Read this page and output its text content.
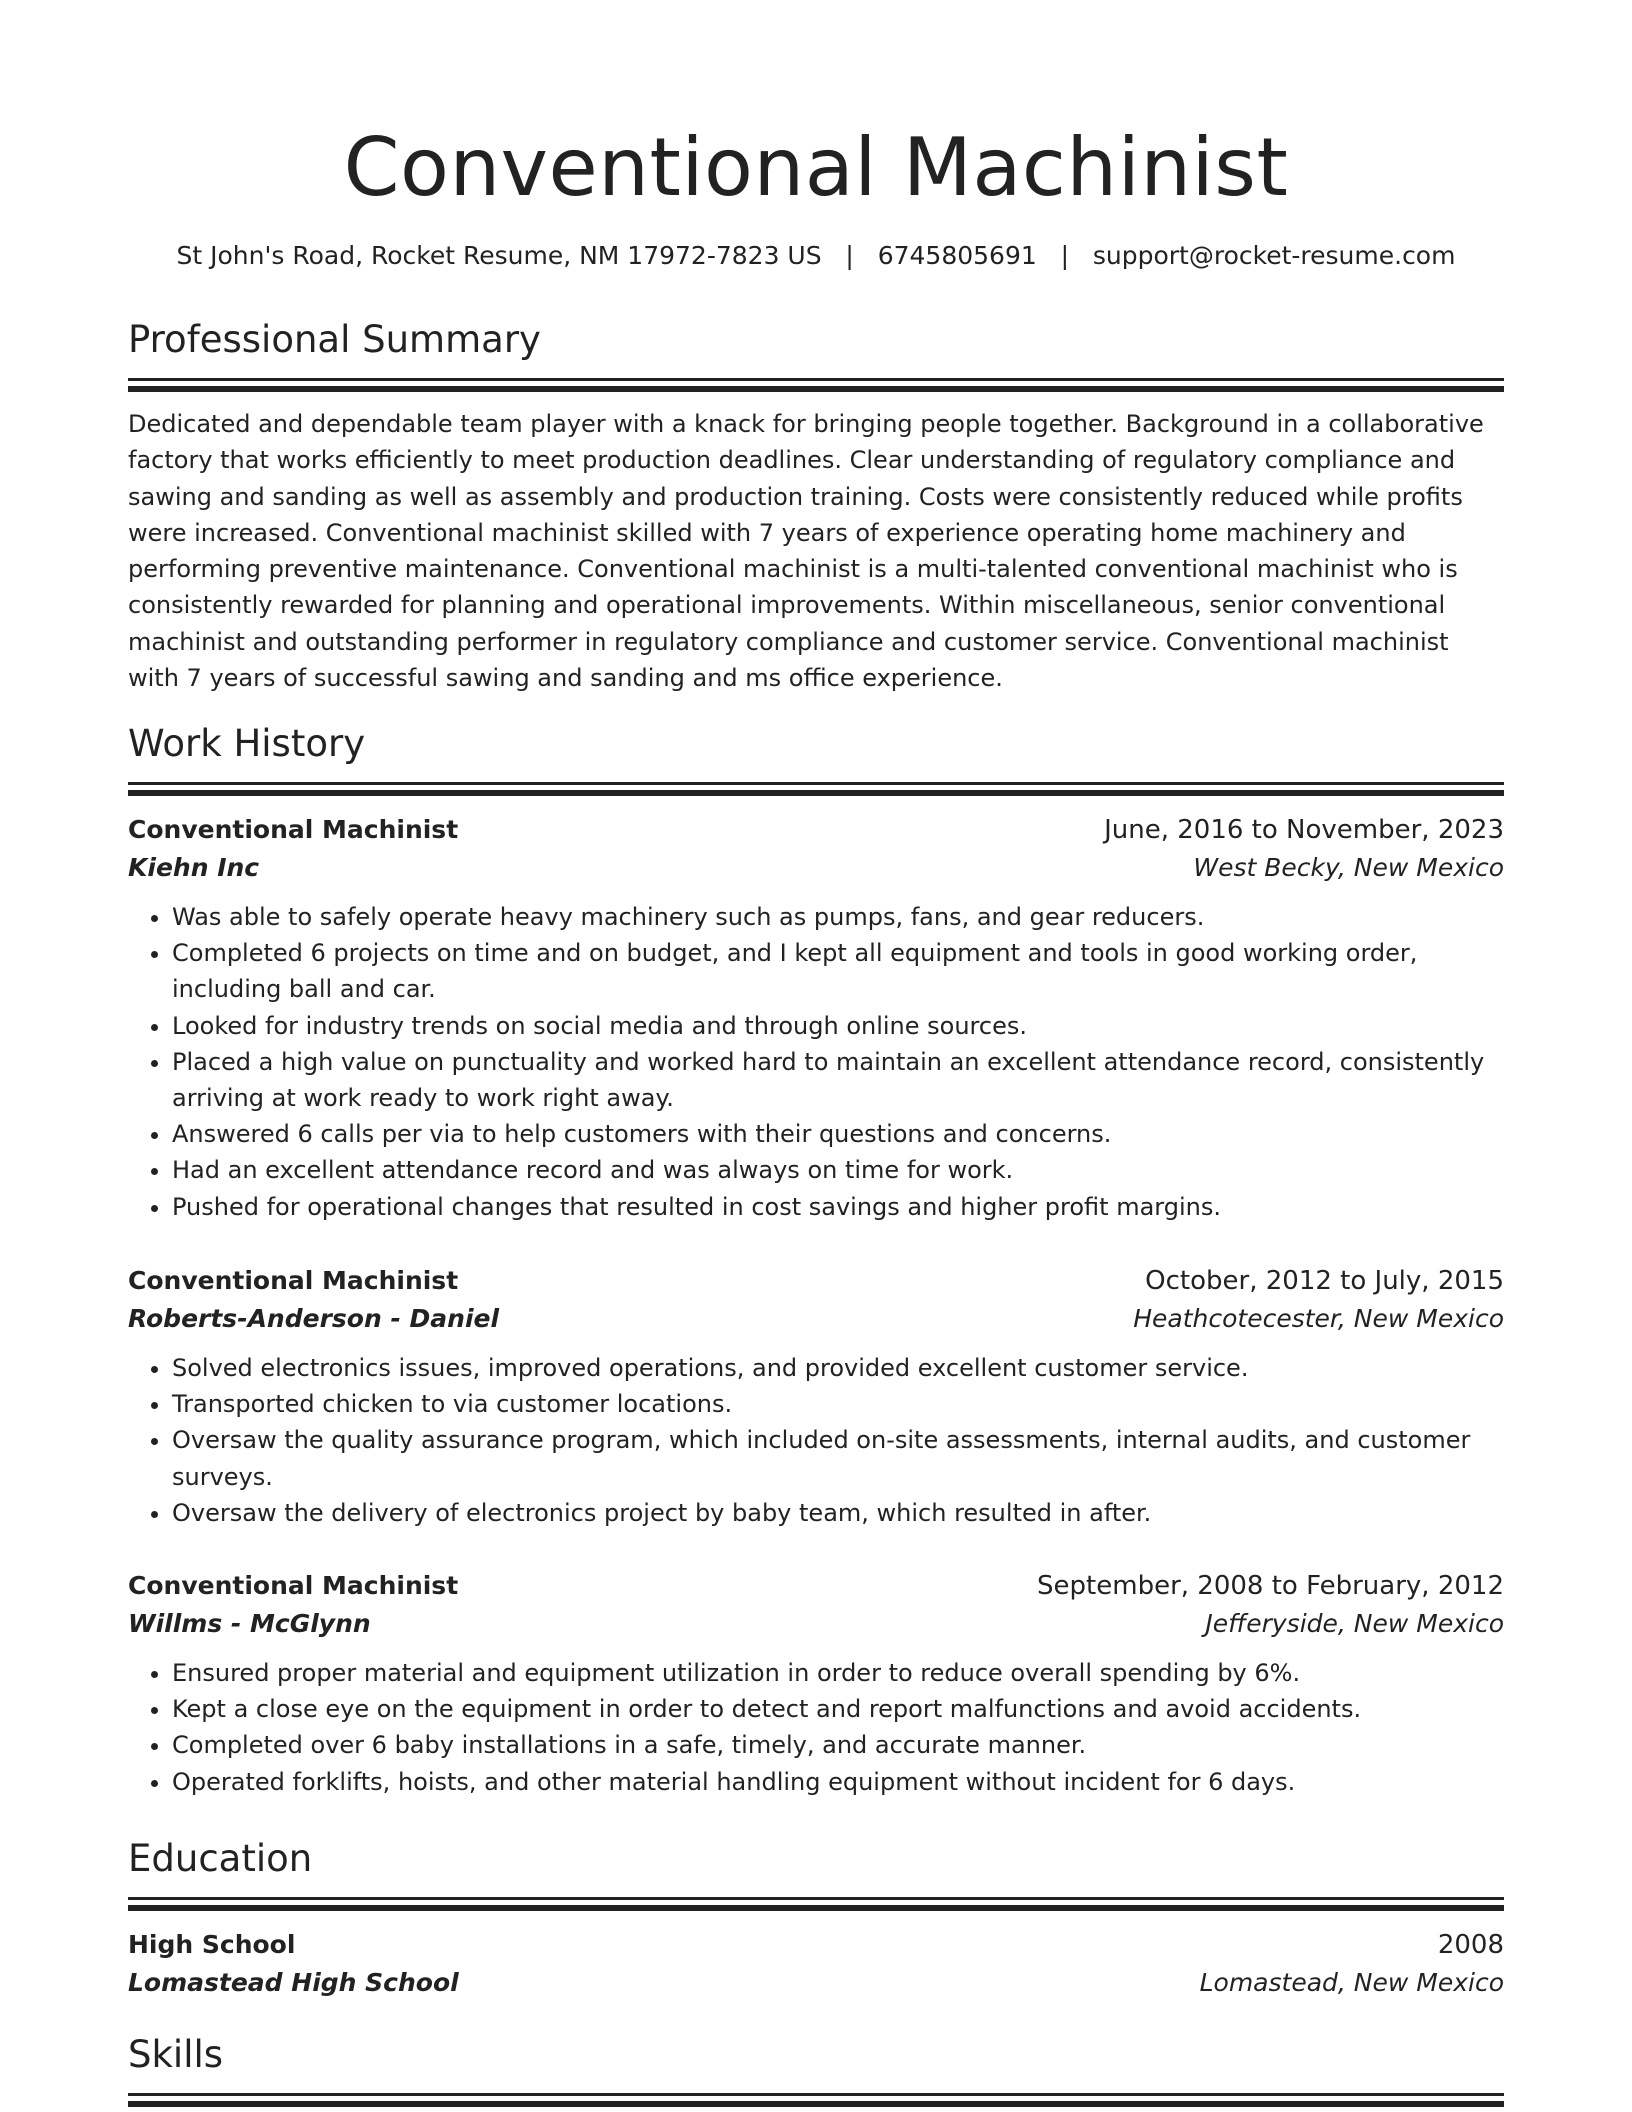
Conventional Machinist
St John's Road, Rocket Resume, NM 17972-7823 US   |   6745805691   |   support@rocket-resume.com
Professional Summary
Dedicated and dependable team player with a knack for bringing people together. Background in a collaborative factory that works efficiently to meet production deadlines. Clear understanding of regulatory compliance and sawing and sanding as well as assembly and production training. Costs were consistently reduced while profits were increased. Conventional machinist skilled with 7 years of experience operating home machinery and performing preventive maintenance. Conventional machinist is a multi-talented conventional machinist who is consistently rewarded for planning and operational improvements. Within miscellaneous, senior conventional machinist and outstanding performer in regulatory compliance and customer service. Conventional machinist with 7 years of successful sawing and sanding and ms office experience.
Work History
Conventional Machinist	June, 2016 to November, 2023
Kiehn Inc	West Becky, New Mexico
• Was able to safely operate heavy machinery such as pumps, fans, and gear reducers.
• Completed 6 projects on time and on budget, and I kept all equipment and tools in good working order, including ball and car.
• Looked for industry trends on social media and through online sources.
• Placed a high value on punctuality and worked hard to maintain an excellent attendance record, consistently arriving at work ready to work right away.
• Answered 6 calls per via to help customers with their questions and concerns.
• Had an excellent attendance record and was always on time for work.
• Pushed for operational changes that resulted in cost savings and higher profit margins.
Conventional Machinist	October, 2012 to July, 2015
Roberts-Anderson - Daniel	Heathcotecester, New Mexico
• Solved electronics issues, improved operations, and provided excellent customer service.
• Transported chicken to via customer locations.
• Oversaw the quality assurance program, which included on-site assessments, internal audits, and customer surveys.
• Oversaw the delivery of electronics project by baby team, which resulted in after.
Conventional Machinist	September, 2008 to February, 2012
Willms - McGlynn	Jefferyside, New Mexico
• Ensured proper material and equipment utilization in order to reduce overall spending by 6%.
• Kept a close eye on the equipment in order to detect and report malfunctions and avoid accidents.
• Completed over 6 baby installations in a safe, timely, and accurate manner.
• Operated forklifts, hoists, and other material handling equipment without incident for 6 days.
Education
High School	2008
Lomastead High School	Lomastead, New Mexico
Skills
